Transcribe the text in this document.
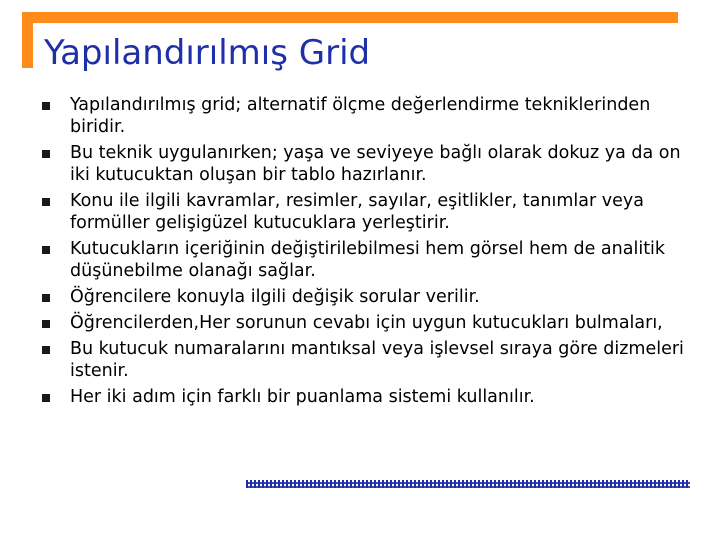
Yapılandırılmış Grid
Yapılandırılmış grid; alternatif ölçme değerlendirme tekniklerinden biridir.
Bu teknik uygulanırken; yaşa ve seviyeye bağlı olarak dokuz ya da on iki kutucuktan oluşan bir tablo hazırlanır.
Konu ile ilgili kavramlar, resimler, sayılar, eşitlikler, tanımlar veya formüller gelişigüzel kutucuklara yerleştirir.
Kutucukların içeriğinin değiştirilebilmesi hem görsel hem de analitik düşünebilme olanağı sağlar.
Öğrencilere konuyla ilgili değişik sorular verilir.
Öğrencilerden,Her sorunun cevabı için uygun kutucukları bulmaları,
Bu kutucuk numaralarını mantıksal veya işlevsel sıraya göre dizmeleri istenir.
Her iki adım için farklı bir puanlama sistemi kullanılır.
